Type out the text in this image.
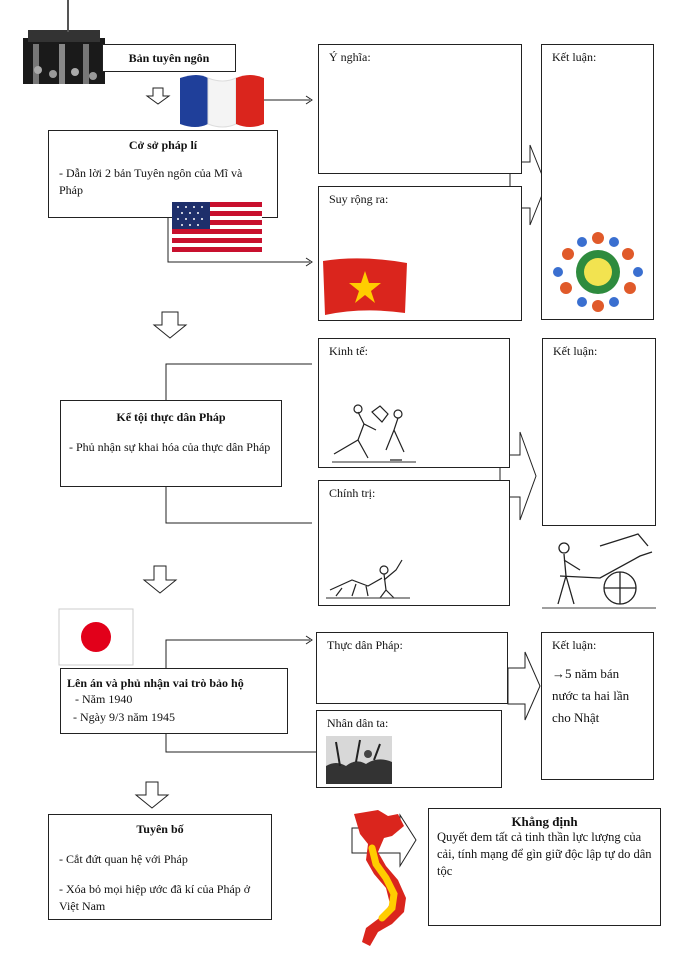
Bản tuyên ngôn
Cở sở pháp lí
- Dẫn lời 2 bản Tuyên ngôn của Mĩ và Pháp
Ý nghĩa:
Suy rộng ra:
Kết luận:
Kể tội thực dân Pháp
- Phủ nhận sự khai hóa của thực dân Pháp
Kinh tế:
Chính trị:
Kết luận:
Lên án và phủ nhận vai trò bảo hộ
- Năm 1940
- Ngày 9/3 năm 1945
Thực dân Pháp:
Nhân dân ta:
Kết luận:
→5 năm bán nước ta hai lần cho Nhật
Tuyên bố
- Cắt đứt quan hệ với Pháp
- Xóa bỏ mọi hiệp ước đã kí của Pháp ở Việt Nam
Khẳng định
Quyết đem tất cả tinh thần lực lượng của cải, tính mạng để gìn giữ độc lập tự do dân tộc
